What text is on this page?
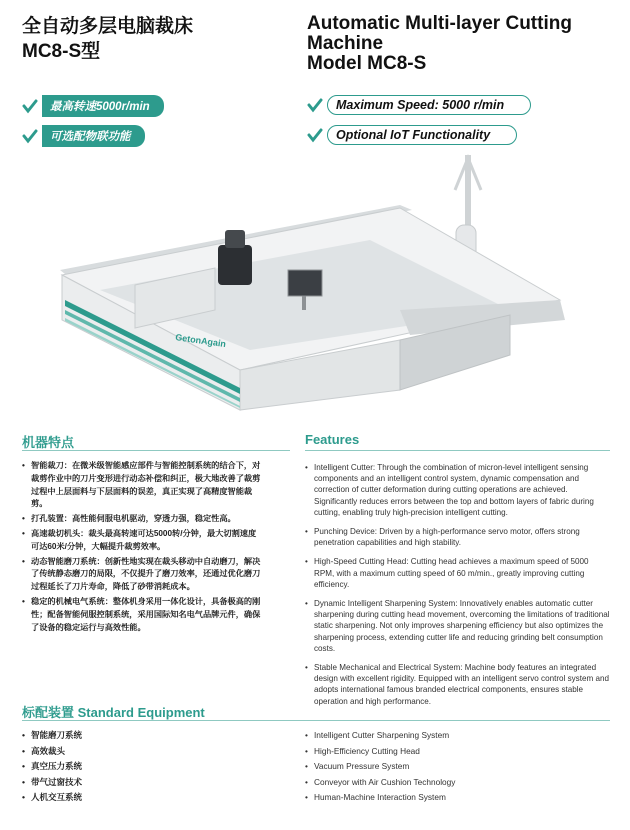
全自动多层电脑裁床
MC8-S型
Automatic Multi-layer Cutting
Machine
Model MC8-S
最高转速5000r/min
可选配物联功能
Maximum Speed: 5000 r/min
Optional IoT Functionality
GetonAgain
机器特点	Features
• 智能裁刀：在微米级智能感应部件与智能控制系统的结合下，对裁剪作业中的刀片变形进行动态补偿和纠正，极大地改善了裁剪过程中上层面料与下层面料的误差，真正实现了高精度智能裁剪。
• 打孔装置：高性能伺服电机驱动，穿透力强，稳定性高。
• 高速裁切机头：裁头最高转速可达5000转/分钟，最大切割速度可达60米/分钟，大幅提升裁剪效率。
• 动态智能磨刀系统：创新性地实现在裁头移动中自动磨刀，解决了传统静态磨刀的局限，不仅提升了磨刀效率，还通过优化磨刀过程延长了刀片寿命，降低了砂带消耗成本。
• 稳定的机械电气系统：整体机身采用一体化设计，具备极高的刚性；配备智能伺服控制系统，采用国际知名电气品牌元件，确保了设备的稳定运行与高效性能。
• Intelligent Cutter: Through the combination of micron-level intelligent sensing components and an intelligent control system, dynamic compensation and correction of cutter deformation during cutting operations are achieved. Significantly reduces errors between the top and bottom layers of fabric during cutting, enabling truly high-precision intelligent cutting.
• Punching Device: Driven by a high-performance servo motor, offers strong penetration capabilities and high stability.
• High-Speed Cutting Head: Cutting head achieves a maximum speed of 5000 RPM, with a maximum cutting speed of 60 m/min., greatly improving cutting efficiency.
• Dynamic Intelligent Sharpening System: Innovatively enables automatic cutter sharpening during cutting head movement, overcoming the limitations of traditional static sharpening. Not only improves sharpening efficiency but also optimizes the sharpening process, extending cutter life and reducing grinding belt consumption costs.
• Stable Mechanical and Electrical System: Machine body features an integrated design with excellent rigidity. Equipped with an intelligent servo control system and adopts international famous branded electrical components, ensures stable operation and high performance.
标配装置 Standard Equipment
• 智能磨刀系统
• 高效裁头
• 真空压力系统
• 带气过窗技术
• 人机交互系统
• Intelligent Cutter Sharpening System
• High-Efficiency Cutting Head
• Vacuum Pressure System
• Conveyor with Air Cushion Technology
• Human-Machine Interaction System
